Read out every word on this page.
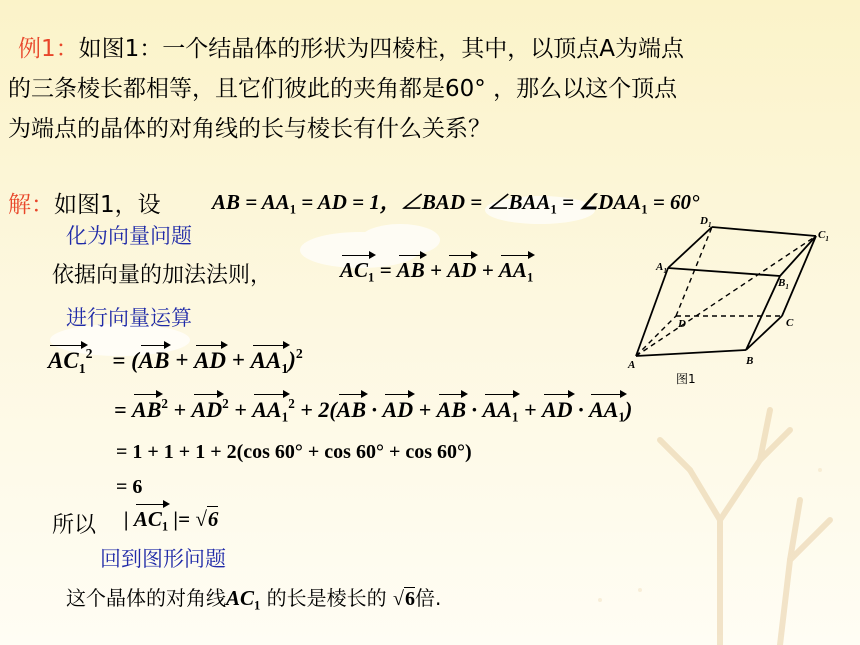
例1：如图1：一个结晶体的形状为四棱柱，其中，以顶点A为端点
的三条棱长都相等，且它们彼此的夹角都是60° ，那么以这个顶点
为端点的晶体的对角线的长与棱长有什么关系？
解：如图1，设 AB = $AA_1$ = AD = 1，∠BAD = $\angle BAA_1$ = $\angle DAA_1 = 60^\circ$
化为向量问题
依据向量的加法法则，	$AC_1$ = AB + AD + $AA_1$
进行向量运算
$AC_1^2 = (AB$ + AD + $AA_1)^2$
= $AB^2 + AD^2 + AA_1^2 + 2(AB$ · AD + AB · $AA_1$ + AD · $AA_1$)
= 1 + 1 + 1 + 2(cos 60° + cos 60° + cos 60°)
= 6
所以 | $AC_1$ |= √6
回到图形问题
这个晶体的对角线$AC_1$ 的长是棱长的 √6倍.
$D_1$
$C_1$
$A_1$
$B_1$
D	C
A	B
图1
